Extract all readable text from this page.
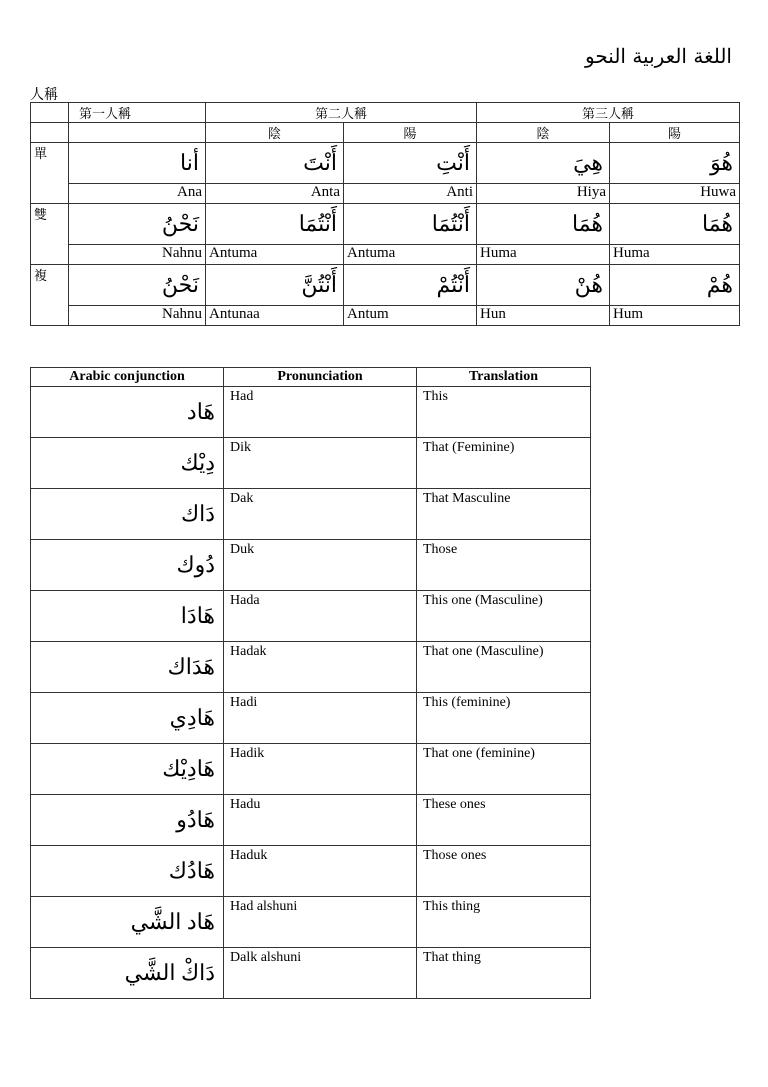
اللغة العربية النحو
人稱
	第一人稱	第二人稱		第三人稱	
		陰	陽	陰	陽
單	أنا	أَنْتَ	أَنْتِ	هِيَ	هُوَ
	Ana	Anta	Anti	Hiya	Huwa
雙	نَحْنُ	أَنْتُمَا	أَنْتُمَا	هُمَا	هُمَا
	Nahnu	Antuma	Antuma	Huma	Huma
複	نَحْنُ	أَنْتُنَّ	أَنْتُمْ	هُنْ	هُمْ
	Nahnu	Antunaa	Antum	Hun	Hum
Arabic conjunction	Pronunciation	Translation
هَاد	Had	This
دِيْك	Dik	That (Feminine)
دَاك	Dak	That Masculine
دُوك	Duk	Those
هَادَا	Hada	This one (Masculine)
هَدَاك	Hadak	That one (Masculine)
هَادِي	Hadi	This (feminine)
هَادِيْك	Hadik	That one (feminine)
هَادُو	Hadu	These ones
هَادُك	Haduk	Those ones
هَاد الشَّي	Had alshuni	This thing
دَاكْ الشَّي	Dalk alshuni	That thing
